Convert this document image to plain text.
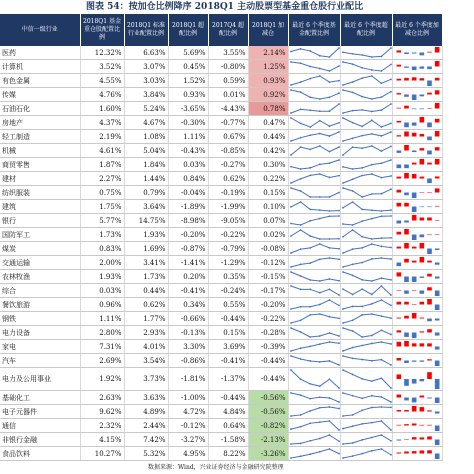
图表 54：按加仓比例降序 2018Q1 主动股票型基金重仓股行业配比
中信一级行业	2018Q1 基金重仓股配置比例	2018Q1 标准行业配置比例	2018Q1 超配比例	2017Q4 超配比例	2018Q1 加减仓	最近 6 个季度基金配置比例	最近 6 个季度超配比例	最近 6 个季度加减仓比例
医药	12.32%	6.63%	5.69%	3.55%	2.14%	

计算机	3.52%	3.07%	0.45%	-0.80%	1.25%	

有色金属	4.55%	3.03%	1.52%	0.59%	0.93%	

传媒	4.76%	3.84%	0.93%	0.01%	0.92%	

石油石化	1.60%	5.24%	-3.65%	-4.43%	0.78%	

房地产	4.37%	4.67%	-0.30%	-0.77%	0.47%	

轻工制造	2.19%	1.08%	1.11%	0.67%	0.44%	

机械	4.61%	5.04%	-0.43%	-0.85%	0.42%	

商贸零售	1.87%	1.84%	0.03%	-0.27%	0.30%	

建材	2.27%	1.44%	0.84%	0.62%	0.22%	

纺织服装	0.75%	0.79%	-0.04%	-0.19%	0.15%	

建筑	1.75%	3.64%	-1.89%	-1.99%	0.10%	

银行	5.77%	14.75%	-8.98%	-9.05%	0.07%	

国防军工	1.73%	1.93%	-0.20%	-0.22%	0.02%	

煤炭	0.83%	1.69%	-0.87%	-0.79%	-0.08%	

交通运输	2.00%	3.41%	-1.41%	-1.29%	-0.12%	

农林牧渔	1.93%	1.73%	0.20%	0.35%	-0.15%	

综合	0.03%	0.44%	-0.41%	-0.24%	-0.17%	

餐饮旅游	0.96%	0.62%	0.34%	0.55%	-0.20%	

钢铁	1.11%	1.77%	-0.66%	-0.44%	-0.22%	

电力设备	2.80%	2.93%	-0.13%	0.15%	-0.28%	

家电	7.31%	4.01%	3.30%	3.69%	-0.39%	

汽车	2.69%	3.54%	-0.86%	-0.41%	-0.44%	

电力及公用事业	1.92%	3.73%	-1.81%	-1.37%	-0.44%	

基础化工	2.63%	3.63%	-1.00%	-0.44%	-0.56%	

电子元器件	9.62%	4.89%	4.72%	4.84%	-0.56%	

通信	2.32%	2.44%	-0.12%	0.64%	-0.82%	

非银行金融	4.15%	7.42%	-3.27%	-1.58%	-2.13%	

食品饮料	10.27%	5.32%	4.95%	8.22%	-3.26%	

数据来源：Wind，兴业证券经济与金融研究院整理
